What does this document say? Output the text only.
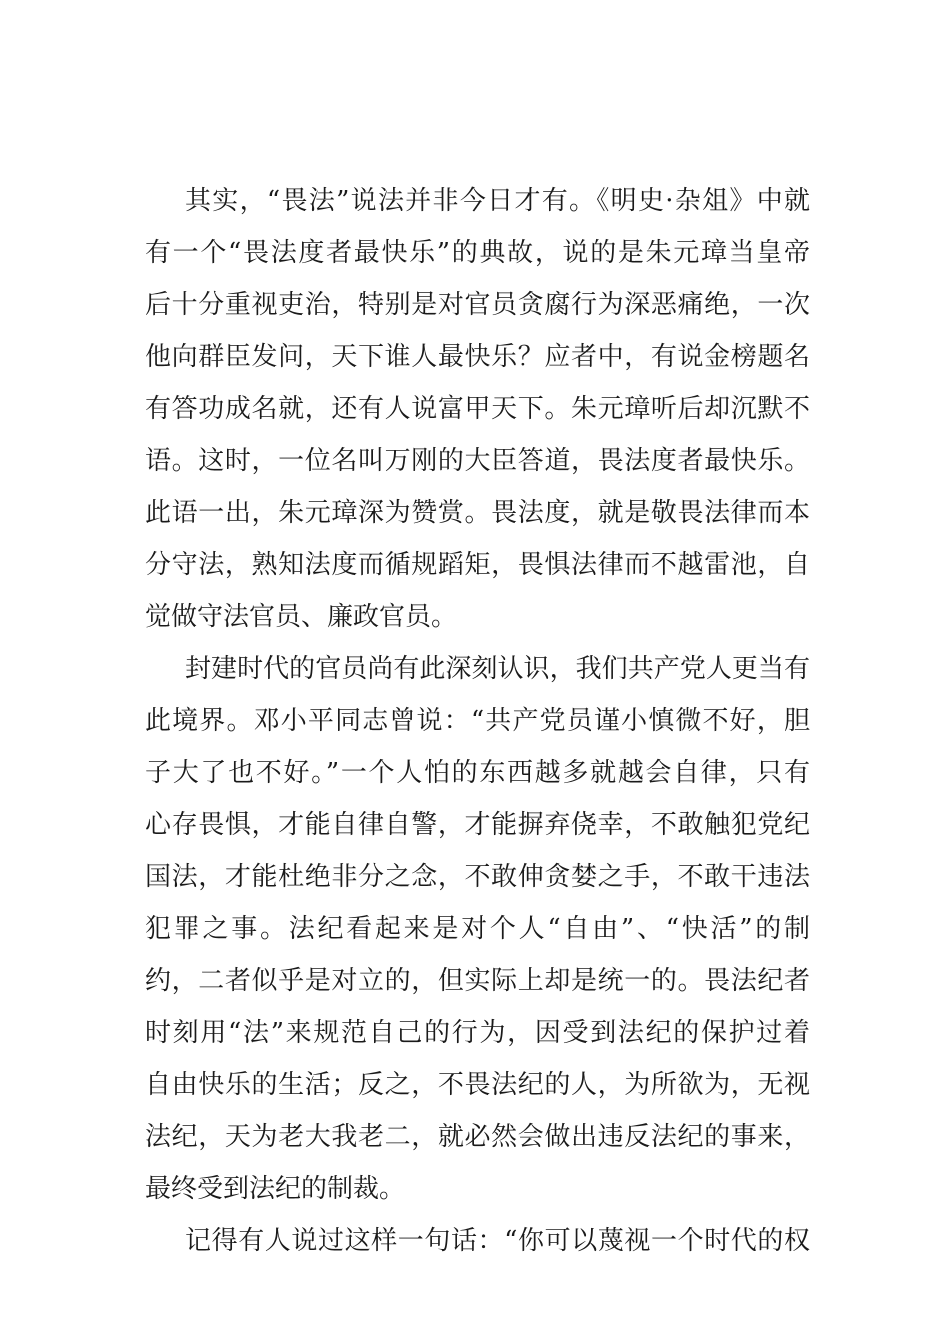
其实，“畏法”说法并非今日才有。《明史·杂俎》中就
有一个“畏法度者最快乐”的典故，说的是朱元璋当皇帝
后十分重视吏治，特别是对官员贪腐行为深恶痛绝，一次
他向群臣发问，天下谁人最快乐？应者中，有说金榜题名
有答功成名就，还有人说富甲天下。朱元璋听后却沉默不
语。这时，一位名叫万刚的大臣答道，畏法度者最快乐。
此语一出，朱元璋深为赞赏。畏法度，就是敬畏法律而本
分守法，熟知法度而循规蹈矩，畏惧法律而不越雷池，自
觉做守法官员、廉政官员。
封建时代的官员尚有此深刻认识，我们共产党人更当有
此境界。邓小平同志曾说：“共产党员谨小慎微不好，胆
子大了也不好。”一个人怕的东西越多就越会自律，只有
心存畏惧，才能自律自警，才能摒弃侥幸，不敢触犯党纪
国法，才能杜绝非分之念，不敢伸贪婪之手，不敢干违法
犯罪之事。法纪看起来是对个人“自由”、“快活”的制
约，二者似乎是对立的，但实际上却是统一的。畏法纪者
时刻用“法”来规范自己的行为，因受到法纪的保护过着
自由快乐的生活；反之，不畏法纪的人，为所欲为，无视
法纪，天为老大我老二，就必然会做出违反法纪的事来，
最终受到法纪的制裁。
记得有人说过这样一句话：“你可以蔑视一个时代的权
